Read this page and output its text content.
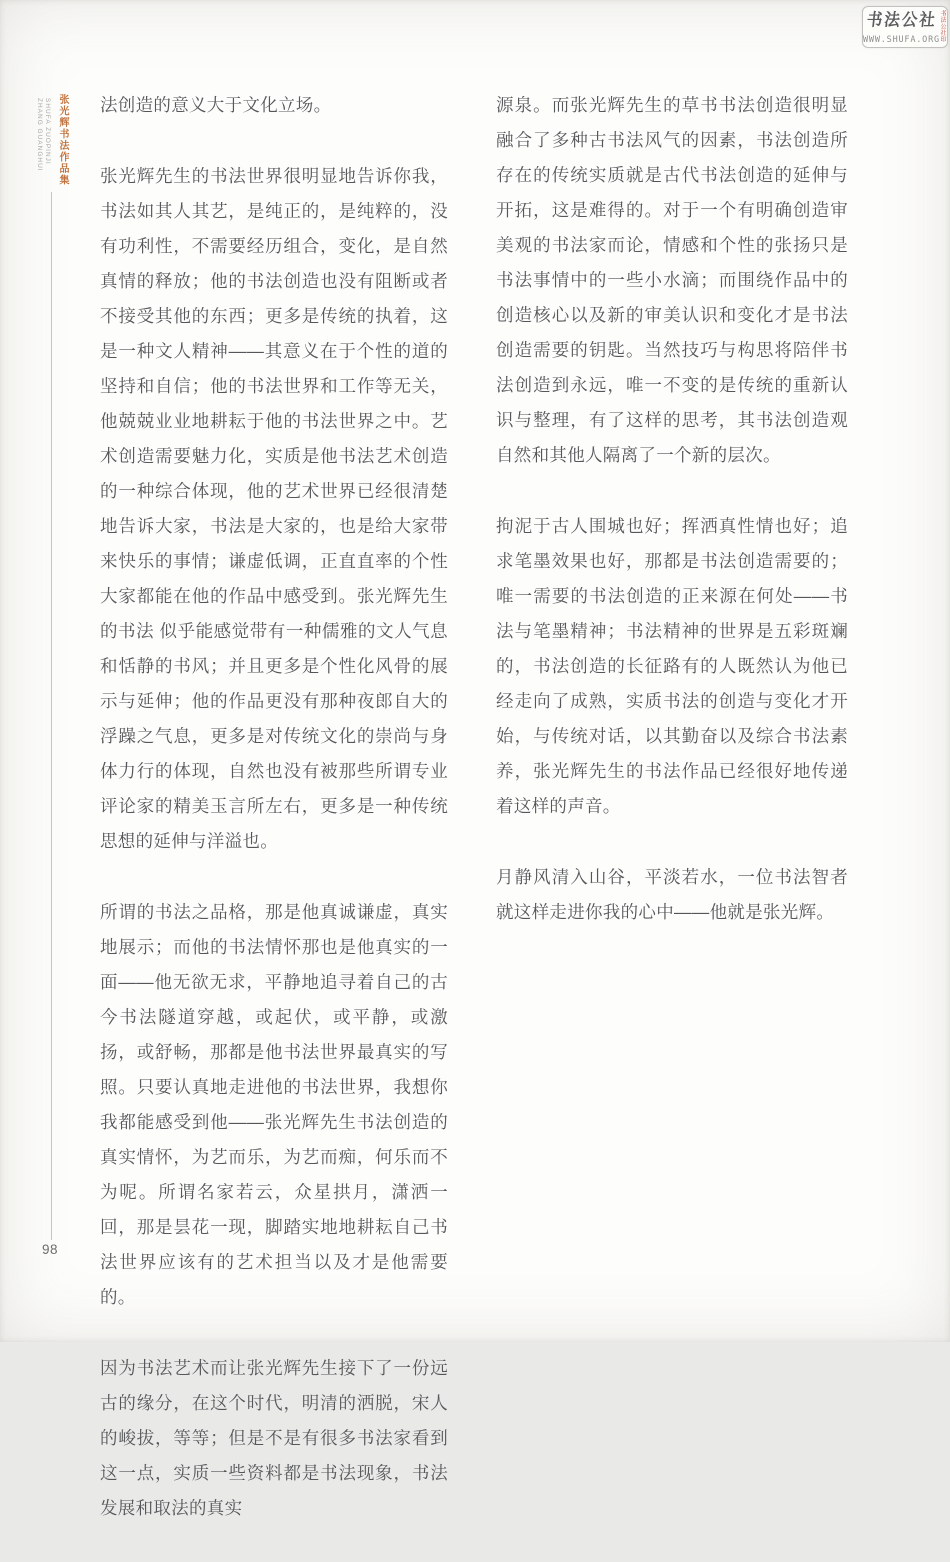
ZHANG GUANGHUI SHUFA ZUOPINJI 张光辉书法作品集
98
书法公社 书法公社印
WWW.SHUFA.ORG

法创造的意义大于文化立场。

张光辉先生的书法世界很明显地告诉你我，书法如其人其艺，是纯正的，是纯粹的，没有功利性，不需要经历组合，变化，是自然真情的释放；他的书法创造也没有阻断或者不接受其他的东西；更多是传统的执着，这是一种文人精神——其意义在于个性的道的坚持和自信；他的书法世界和工作等无关，他兢兢业业地耕耘于他的书法世界之中。艺术创造需要魅力化，实质是他书法艺术创造的一种综合体现，他的艺术世界已经很清楚地告诉大家，书法是大家的，也是给大家带来快乐的事情；谦虚低调，正直直率的个性大家都能在他的作品中感受到。张光辉先生的书法 似乎能感觉带有一种儒雅的文人气息和恬静的书风；并且更多是个性化风骨的展示与延伸；他的作品更没有那种夜郎自大的浮躁之气息，更多是对传统文化的崇尚与身体力行的体现，自然也没有被那些所谓专业评论家的精美玉言所左右，更多是一种传统思想的延伸与洋溢也。

所谓的书法之品格，那是他真诚谦虚，真实地展示；而他的书法情怀那也是他真实的一面——他无欲无求，平静地追寻着自己的古今书法隧道穿越，或起伏，或平静，或激扬，或舒畅，那都是他书法世界最真实的写照。只要认真地走进他的书法世界，我想你我都能感受到他——张光辉先生书法创造的真实情怀，为艺而乐，为艺而痴，何乐而不为呢。所谓名家若云，众星拱月，潇洒一回，那是昙花一现，脚踏实地地耕耘自己书法世界应该有的艺术担当以及才是他需要的。

因为书法艺术而让张光辉先生接下了一份远古的缘分，在这个时代，明清的洒脱，宋人的峻拔，等等；但是不是有很多书法家看到这一点，实质一些资料都是书法现象，书法发展和取法的真实

源泉。而张光辉先生的草书书法创造很明显融合了多种古书法风气的因素，书法创造所存在的传统实质就是古代书法创造的延伸与开拓，这是难得的。对于一个有明确创造审美观的书法家而论，情感和个性的张扬只是书法事情中的一些小水滴；而围绕作品中的创造核心以及新的审美认识和变化才是书法创造需要的钥匙。当然技巧与构思将陪伴书法创造到永远，唯一不变的是传统的重新认识与整理，有了这样的思考，其书法创造观自然和其他人隔离了一个新的层次。

拘泥于古人围城也好；挥洒真性情也好；追求笔墨效果也好，那都是书法创造需要的；唯一需要的书法创造的正来源在何处——书法与笔墨精神；书法精神的世界是五彩斑斓的，书法创造的长征路有的人既然认为他已经走向了成熟，实质书法的创造与变化才开始，与传统对话，以其勤奋以及综合书法素养，张光辉先生的书法作品已经很好地传递着这样的声音。

月静风清入山谷，平淡若水，一位书法智者就这样走进你我的心中——他就是张光辉。
